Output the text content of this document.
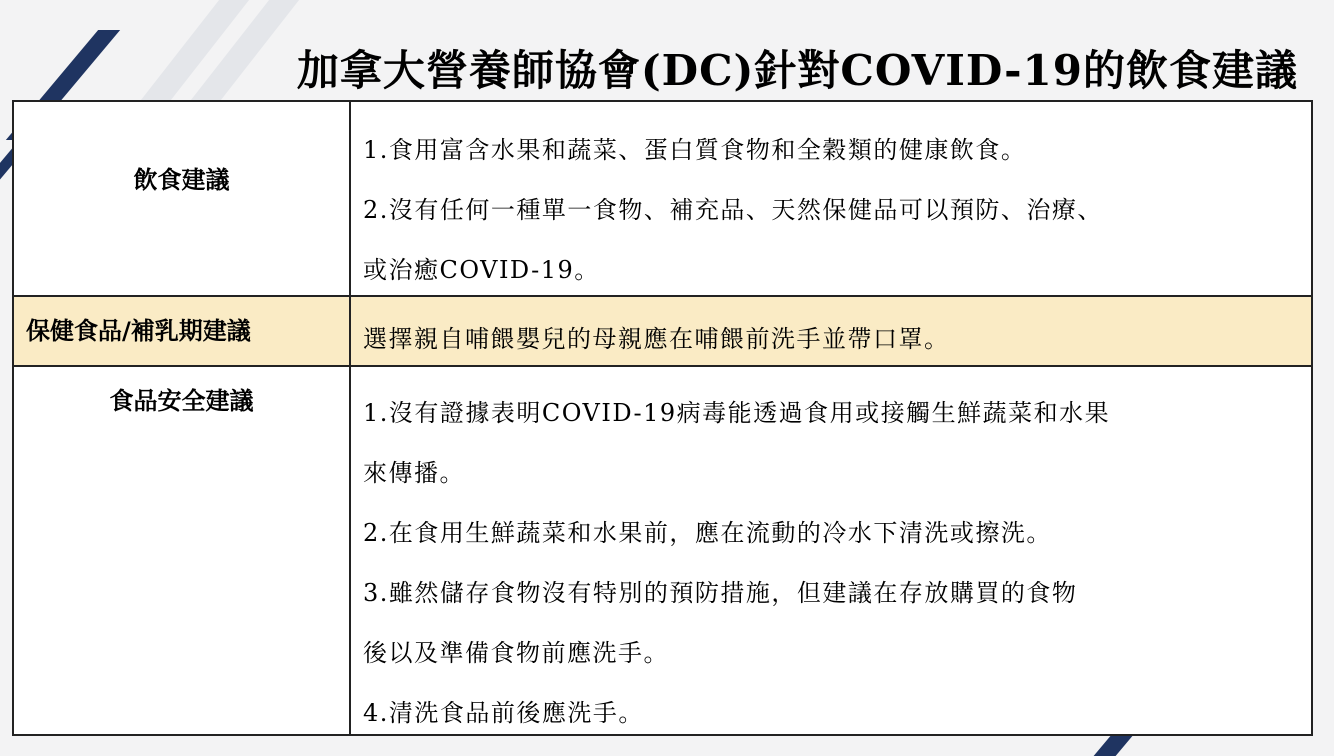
加拿大營養師協會(DC)針對COVID-19的飲食建議
飲食建議
1.食用富含水果和蔬菜、蛋白質食物和全穀類的健康飲食。
2.沒有任何一種單一食物、補充品、天然保健品可以預防、治療、
或治癒COVID-19。
保健食品/補乳期建議	選擇親自哺餵嬰兒的母親應在哺餵前洗手並帶口罩。
食品安全建議	1.沒有證據表明COVID-19病毒能透過食用或接觸生鮮蔬菜和水果
來傳播。
2.在食用生鮮蔬菜和水果前，應在流動的冷水下清洗或擦洗。
3.雖然儲存食物沒有特別的預防措施，但建議在存放購買的食物
後以及準備食物前應洗手。
4.清洗食品前後應洗手。
